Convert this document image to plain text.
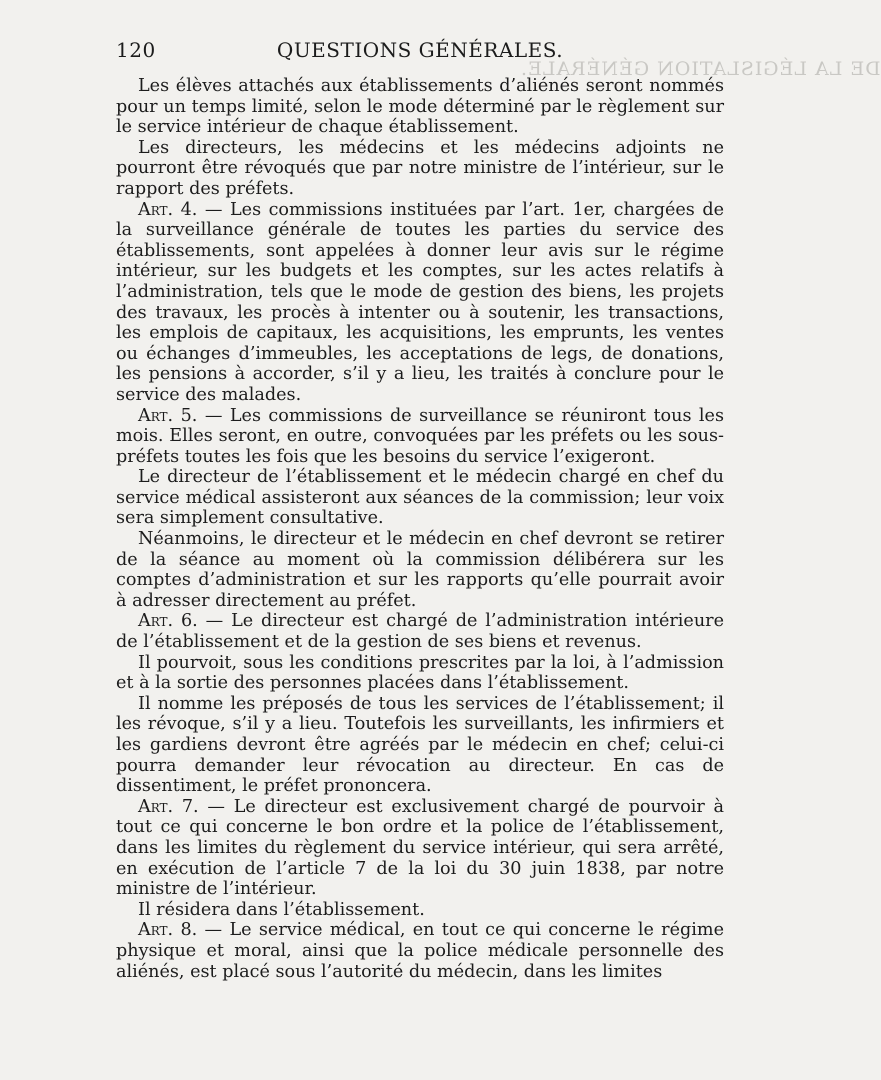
DE LA LÉGISLATION GÉNÉRALE.
120	QUESTIONS GÉNÉRALES.

Les élèves attachés aux établissements d’aliénés seront nommés pour un temps limité, selon le mode déterminé par le règlement sur le service intérieur de chaque établissement.

Les directeurs, les médecins et les médecins adjoints ne pourront être révoqués que par notre ministre de l’intérieur, sur le rapport des préfets.

Art. 4. — Les commissions instituées par l’art. 1er, chargées de la surveillance générale de toutes les parties du service des établissements, sont appelées à donner leur avis sur le régime intérieur, sur les budgets et les comptes, sur les actes relatifs à l’administration, tels que le mode de gestion des biens, les projets des travaux, les procès à intenter ou à soutenir, les transactions, les emplois de capitaux, les acquisitions, les emprunts, les ventes ou échanges d’immeubles, les acceptations de legs, de donations, les pensions à accorder, s’il y a lieu, les traités à conclure pour le service des malades.

Art. 5. — Les commissions de surveillance se réuniront tous les mois. Elles seront, en outre, convoquées par les préfets ou les sous-préfets toutes les fois que les besoins du service l’exigeront.

Le directeur de l’établissement et le médecin chargé en chef du service médical assisteront aux séances de la commission; leur voix sera simplement consultative.

Néanmoins, le directeur et le médecin en chef devront se retirer de la séance au moment où la commission délibérera sur les comptes d’administration et sur les rapports qu’elle pourrait avoir à adresser directement au préfet.

Art. 6. — Le directeur est chargé de l’administration intérieure de l’établissement et de la gestion de ses biens et revenus.

Il pourvoit, sous les conditions prescrites par la loi, à l’admission et à la sortie des personnes placées dans l’établissement.

Il nomme les préposés de tous les services de l’établissement; il les révoque, s’il y a lieu. Toutefois les surveillants, les infirmiers et les gardiens devront être agréés par le médecin en chef; celui-ci pourra demander leur révocation au directeur. En cas de dissentiment, le préfet prononcera.

Art. 7. — Le directeur est exclusivement chargé de pourvoir à tout ce qui concerne le bon ordre et la police de l’établissement, dans les limites du règlement du service intérieur, qui sera arrêté, en exécution de l’article 7 de la loi du 30 juin 1838, par notre ministre de l’intérieur.

Il résidera dans l’établissement.

Art. 8. — Le service médical, en tout ce qui concerne le régime physique et moral, ainsi que la police médicale personnelle des aliénés, est placé sous l’autorité du médecin, dans les limites
